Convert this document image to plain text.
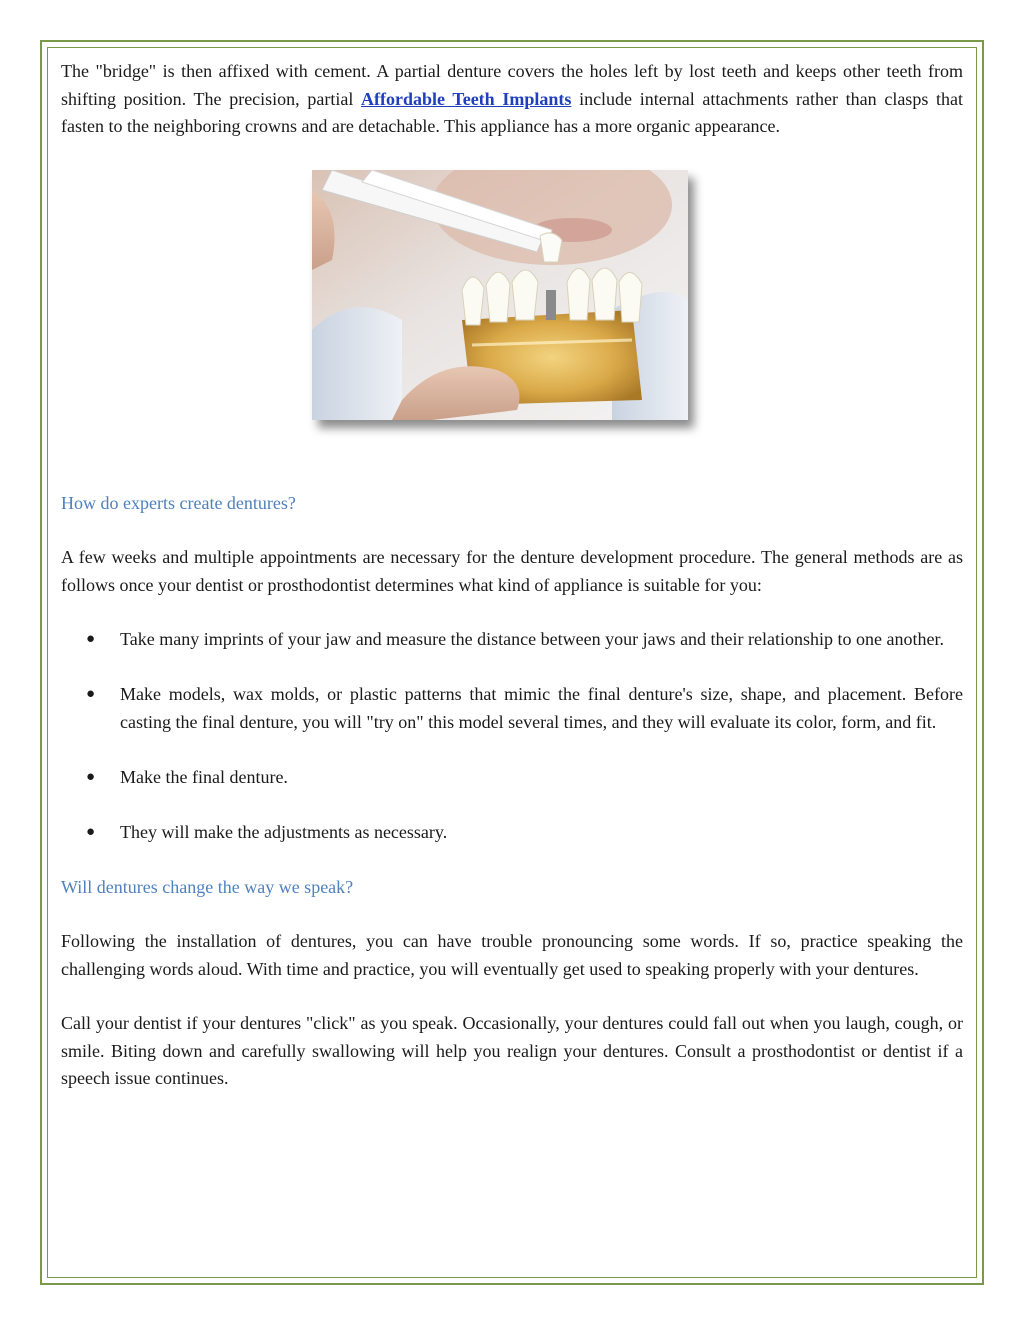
The "bridge" is then affixed with cement. A partial denture covers the holes left by lost teeth and keeps other teeth from shifting position. The precision, partial Affordable Teeth Implants include internal attachments rather than clasps that fasten to the neighboring crowns and are detachable. This appliance has a more organic appearance.

How do experts create dentures?

A few weeks and multiple appointments are necessary for the denture development procedure. The general methods are as follows once your dentist or prosthodontist determines what kind of appliance is suitable for you:

● Take many imprints of your jaw and measure the distance between your jaws and their relationship to one another.
● Make models, wax molds, or plastic patterns that mimic the final denture's size, shape, and placement. Before casting the final denture, you will "try on" this model several times, and they will evaluate its color, form, and fit.
● Make the final denture.
● They will make the adjustments as necessary.

Will dentures change the way we speak?

Following the installation of dentures, you can have trouble pronouncing some words. If so, practice speaking the challenging words aloud. With time and practice, you will eventually get used to speaking properly with your dentures.

Call your dentist if your dentures "click" as you speak. Occasionally, your dentures could fall out when you laugh, cough, or smile. Biting down and carefully swallowing will help you realign your dentures. Consult a prosthodontist or dentist if a speech issue continues.
